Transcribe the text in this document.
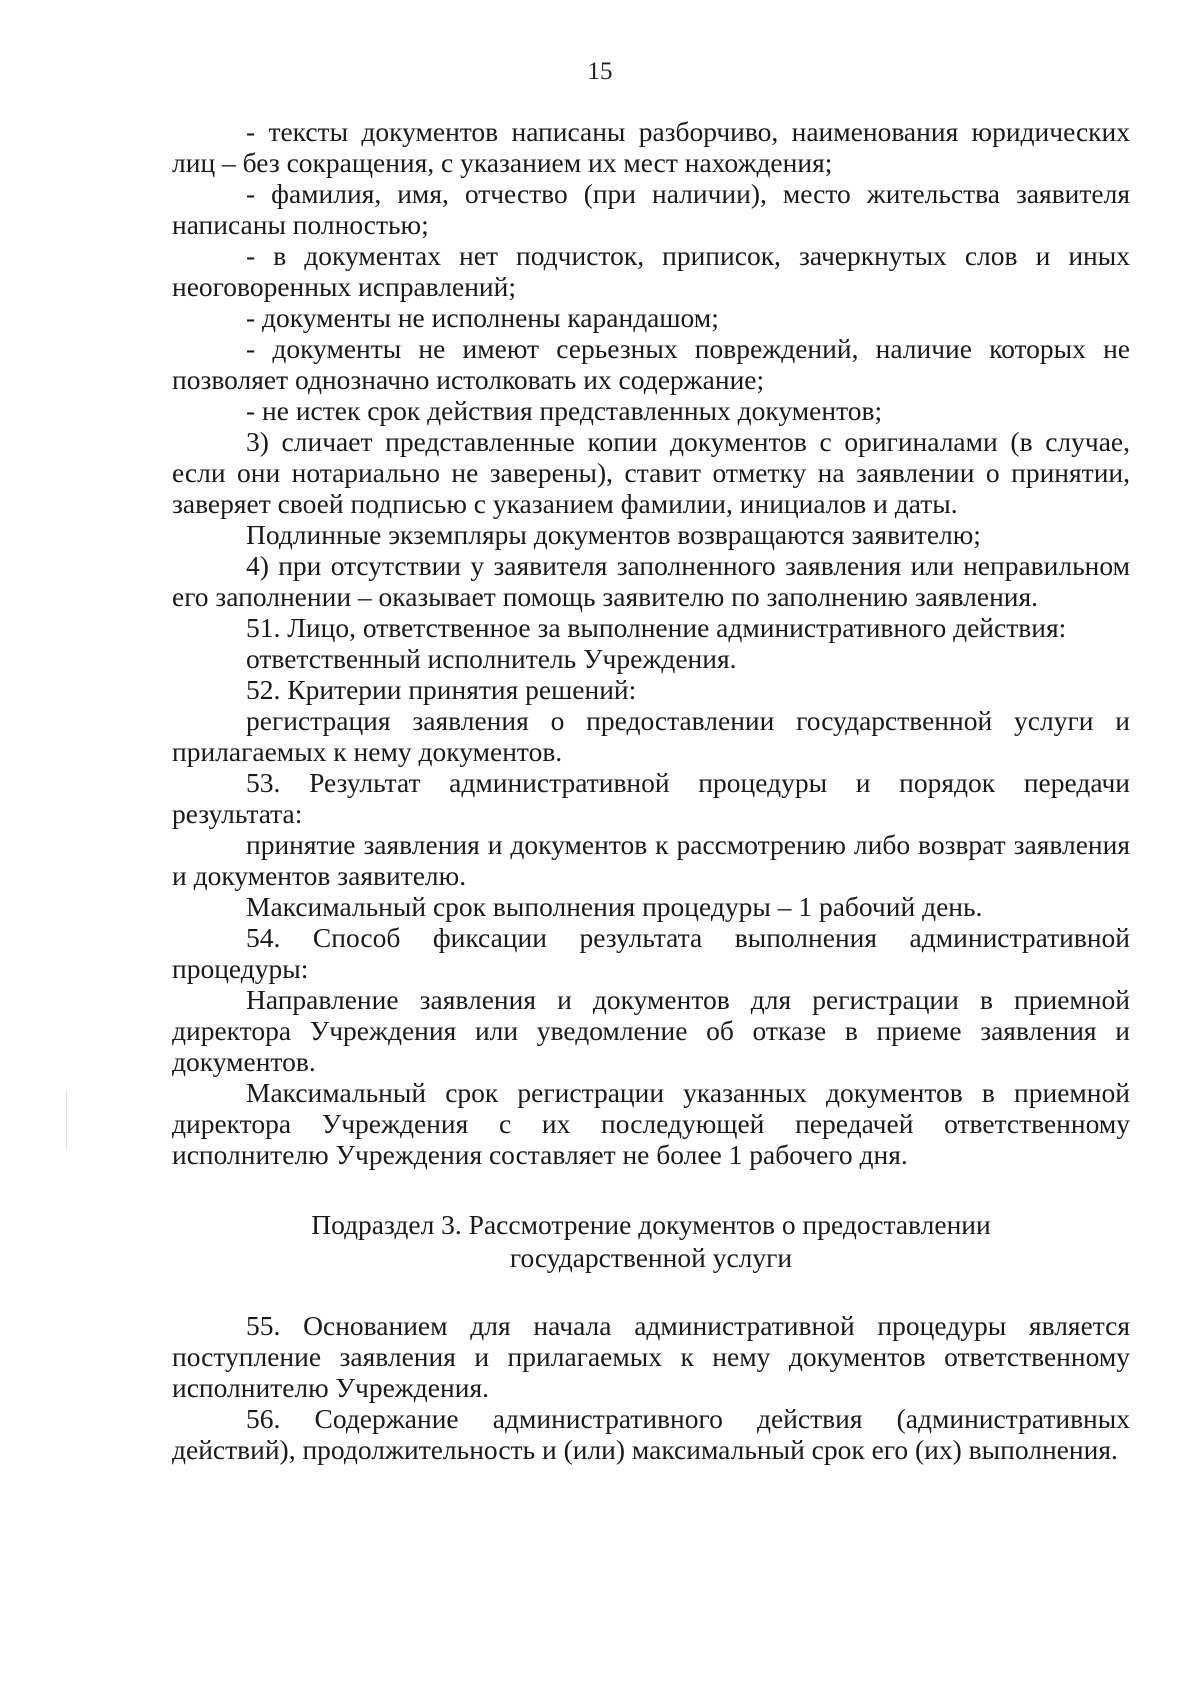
15

- тексты документов написаны разборчиво, наименования юридических лиц – без сокращения, с указанием их мест нахождения;

- фамилия, имя, отчество (при наличии), место жительства заявителя написаны полностью;

- в документах нет подчисток, приписок, зачеркнутых слов и иных неоговоренных исправлений;

- документы не исполнены карандашом;

- документы не имеют серьезных повреждений, наличие которых не позволяет однозначно истолковать их содержание;

- не истек срок действия представленных документов;

3) сличает представленные копии документов с оригиналами (в случае, если они нотариально не заверены), ставит отметку на заявлении о принятии, заверяет своей подписью с указанием фамилии, инициалов и даты.

Подлинные экземпляры документов возвращаются заявителю;

4) при отсутствии у заявителя заполненного заявления или неправильном его заполнении – оказывает помощь заявителю по заполнению заявления.

51. Лицо, ответственное за выполнение административного действия:

ответственный исполнитель Учреждения.

52. Критерии принятия решений:

регистрация заявления о предоставлении государственной услуги и прилагаемых к нему документов.

53. Результат административной процедуры и порядок передачи результата:

принятие заявления и документов к рассмотрению либо возврат заявления и документов заявителю.

Максимальный срок выполнения процедуры – 1 рабочий день.

54. Способ фиксации результата выполнения административной процедуры:

Направление заявления и документов для регистрации в приемной директора Учреждения или уведомление об отказе в приеме заявления и документов.

Максимальный срок регистрации указанных документов в приемной директора Учреждения с их последующей передачей ответственному исполнителю Учреждения составляет не более 1 рабочего дня.

Подраздел 3. Рассмотрение документов о предоставлении
государственной услуги

55. Основанием для начала административной процедуры является поступление заявления и прилагаемых к нему документов ответственному исполнителю Учреждения.

56. Содержание административного действия (административных действий), продолжительность и (или) максимальный срок его (их) выполнения.
